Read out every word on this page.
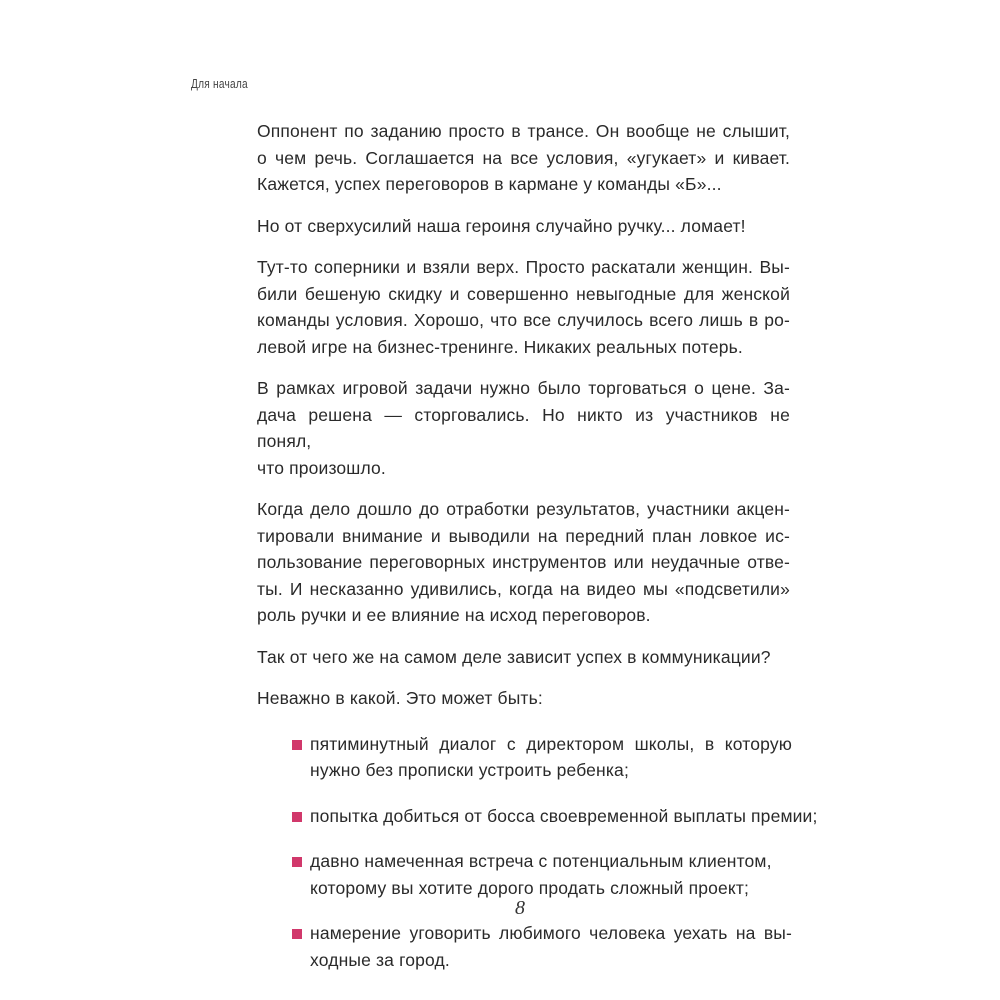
Для начала
Оппонент по заданию просто в трансе. Он вообще не слышит,
о чем речь. Соглашается на все условия, «угукает» и кивает.
Кажется, успех переговоров в кармане у команды «Б»...
Но от сверхусилий наша героиня случайно ручку... ломает!
Тут-то соперники и взяли верх. Просто раскатали женщин. Вы-
били бешеную скидку и совершенно невыгодные для женской
команды условия. Хорошо, что все случилось всего лишь в ро-
левой игре на бизнес-тренинге. Никаких реальных потерь.
В рамках игровой задачи нужно было торговаться о цене. За-
дача решена — сторговались. Но никто из участников не понял,
что произошло.
Когда дело дошло до отработки результатов, участники акцен-
тировали внимание и выводили на передний план ловкое ис-
пользование переговорных инструментов или неудачные отве-
ты. И несказанно удивились, когда на видео мы «подсветили»
роль ручки и ее влияние на исход переговоров.
Так от чего же на самом деле зависит успех в коммуникации?
Неважно в какой. Это может быть:
пятиминутный диалог с директором школы, в которую
нужно без прописки устроить ребенка;
попытка добиться от босса своевременной выплаты премии;
давно намеченная встреча с потенциальным клиентом,
которому вы хотите дорого продать сложный проект;
намерение уговорить любимого человека уехать на вы-
ходные за город.
8
